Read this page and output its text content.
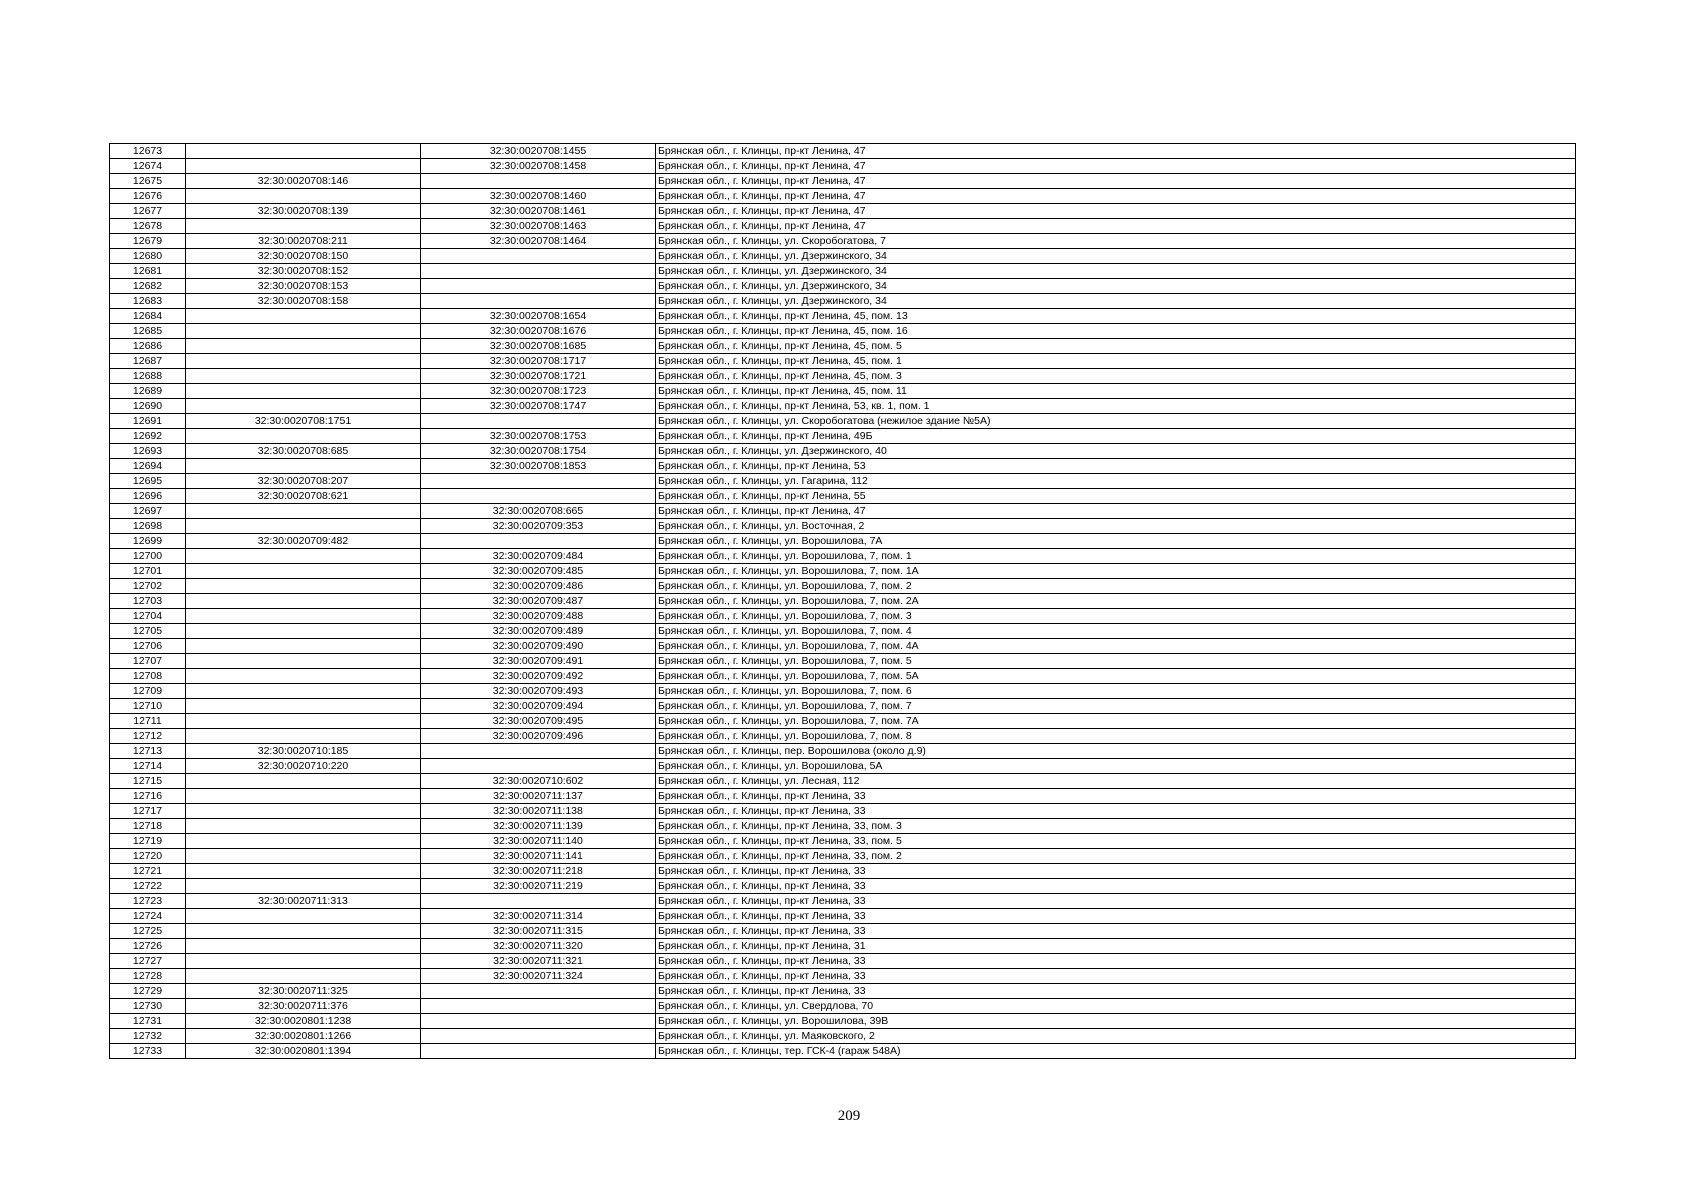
12673		32:30:0020708:1455	Брянская обл., г. Клинцы, пр-кт Ленина, 47
12674		32:30:0020708:1458	Брянская обл., г. Клинцы, пр-кт Ленина, 47
12675	32:30:0020708:146		Брянская обл., г. Клинцы, пр-кт Ленина, 47
12676		32:30:0020708:1460	Брянская обл., г. Клинцы, пр-кт Ленина, 47
12677	32:30:0020708:139	32:30:0020708:1461	Брянская обл., г. Клинцы, пр-кт Ленина, 47
12678		32:30:0020708:1463	Брянская обл., г. Клинцы, пр-кт Ленина, 47
12679	32:30:0020708:211	32:30:0020708:1464	Брянская обл., г. Клинцы, ул. Скоробогатова, 7
12680	32:30:0020708:150		Брянская обл., г. Клинцы, ул. Дзержинского, 34
12681	32:30:0020708:152		Брянская обл., г. Клинцы, ул. Дзержинского, 34
12682	32:30:0020708:153		Брянская обл., г. Клинцы, ул. Дзержинского, 34
12683	32:30:0020708:158		Брянская обл., г. Клинцы, ул. Дзержинского, 34
12684		32:30:0020708:1654	Брянская обл., г. Клинцы, пр-кт Ленина, 45, пом. 13
12685		32:30:0020708:1676	Брянская обл., г. Клинцы, пр-кт Ленина, 45, пом. 16
12686		32:30:0020708:1685	Брянская обл., г. Клинцы, пр-кт Ленина, 45, пом. 5
12687		32:30:0020708:1717	Брянская обл., г. Клинцы, пр-кт Ленина, 45, пом. 1
12688		32:30:0020708:1721	Брянская обл., г. Клинцы, пр-кт Ленина, 45, пом. 3
12689		32:30:0020708:1723	Брянская обл., г. Клинцы, пр-кт Ленина, 45, пом. 11
12690		32:30:0020708:1747	Брянская обл., г. Клинцы, пр-кт Ленина, 53, кв. 1, пом. 1
12691	32:30:0020708:1751		Брянская обл., г. Клинцы, ул. Скоробогатова (нежилое здание №5А)
12692		32:30:0020708:1753	Брянская обл., г. Клинцы, пр-кт Ленина, 49Б
12693	32:30:0020708:685	32:30:0020708:1754	Брянская обл., г. Клинцы, ул. Дзержинского, 40
12694		32:30:0020708:1853	Брянская обл., г. Клинцы, пр-кт Ленина, 53
12695	32:30:0020708:207		Брянская обл., г. Клинцы, ул. Гагарина, 112
12696	32:30:0020708:621		Брянская обл., г. Клинцы, пр-кт Ленина, 55
12697		32:30:0020708:665	Брянская обл., г. Клинцы, пр-кт Ленина, 47
12698		32:30:0020709:353	Брянская обл., г. Клинцы, ул. Восточная, 2
12699	32:30:0020709:482		Брянская обл., г. Клинцы, ул. Ворошилова, 7А
12700		32:30:0020709:484	Брянская обл., г. Клинцы, ул. Ворошилова, 7, пом. 1
12701		32:30:0020709:485	Брянская обл., г. Клинцы, ул. Ворошилова, 7, пом. 1А
12702		32:30:0020709:486	Брянская обл., г. Клинцы, ул. Ворошилова, 7, пом. 2
12703		32:30:0020709:487	Брянская обл., г. Клинцы, ул. Ворошилова, 7, пом. 2А
12704		32:30:0020709:488	Брянская обл., г. Клинцы, ул. Ворошилова, 7, пом. 3
12705		32:30:0020709:489	Брянская обл., г. Клинцы, ул. Ворошилова, 7, пом. 4
12706		32:30:0020709:490	Брянская обл., г. Клинцы, ул. Ворошилова, 7, пом. 4А
12707		32:30:0020709:491	Брянская обл., г. Клинцы, ул. Ворошилова, 7, пом. 5
12708		32:30:0020709:492	Брянская обл., г. Клинцы, ул. Ворошилова, 7, пом. 5А
12709		32:30:0020709:493	Брянская обл., г. Клинцы, ул. Ворошилова, 7, пом. 6
12710		32:30:0020709:494	Брянская обл., г. Клинцы, ул. Ворошилова, 7, пом. 7
12711		32:30:0020709:495	Брянская обл., г. Клинцы, ул. Ворошилова, 7, пом. 7А
12712		32:30:0020709:496	Брянская обл., г. Клинцы, ул. Ворошилова, 7, пом. 8
12713	32:30:0020710:185		Брянская обл., г. Клинцы, пер. Ворошилова (около д.9)
12714	32:30:0020710:220		Брянская обл., г. Клинцы, ул. Ворошилова, 5А
12715		32:30:0020710:602	Брянская обл., г. Клинцы, ул. Лесная, 112
12716		32:30:0020711:137	Брянская обл., г. Клинцы, пр-кт Ленина, 33
12717		32:30:0020711:138	Брянская обл., г. Клинцы, пр-кт Ленина, 33
12718		32:30:0020711:139	Брянская обл., г. Клинцы, пр-кт Ленина, 33, пом. 3
12719		32:30:0020711:140	Брянская обл., г. Клинцы, пр-кт Ленина, 33, пом. 5
12720		32:30:0020711:141	Брянская обл., г. Клинцы, пр-кт Ленина, 33, пом. 2
12721		32:30:0020711:218	Брянская обл., г. Клинцы, пр-кт Ленина, 33
12722		32:30:0020711:219	Брянская обл., г. Клинцы, пр-кт Ленина, 33
12723	32:30:0020711:313		Брянская обл., г. Клинцы, пр-кт Ленина, 33
12724		32:30:0020711:314	Брянская обл., г. Клинцы, пр-кт Ленина, 33
12725		32:30:0020711:315	Брянская обл., г. Клинцы, пр-кт Ленина, 33
12726		32:30:0020711:320	Брянская обл., г. Клинцы, пр-кт Ленина, 31
12727		32:30:0020711:321	Брянская обл., г. Клинцы, пр-кт Ленина, 33
12728		32:30:0020711:324	Брянская обл., г. Клинцы, пр-кт Ленина, 33
12729	32:30:0020711:325		Брянская обл., г. Клинцы, пр-кт Ленина, 33
12730	32:30:0020711:376		Брянская обл., г. Клинцы, ул. Свердлова, 70
12731	32:30:0020801:1238		Брянская обл., г. Клинцы, ул. Ворошилова, 39В
12732	32:30:0020801:1266		Брянская обл., г. Клинцы, ул. Маяковского, 2
12733	32:30:0020801:1394		Брянская обл., г. Клинцы, тер. ГСК-4 (гараж 548А)
209
